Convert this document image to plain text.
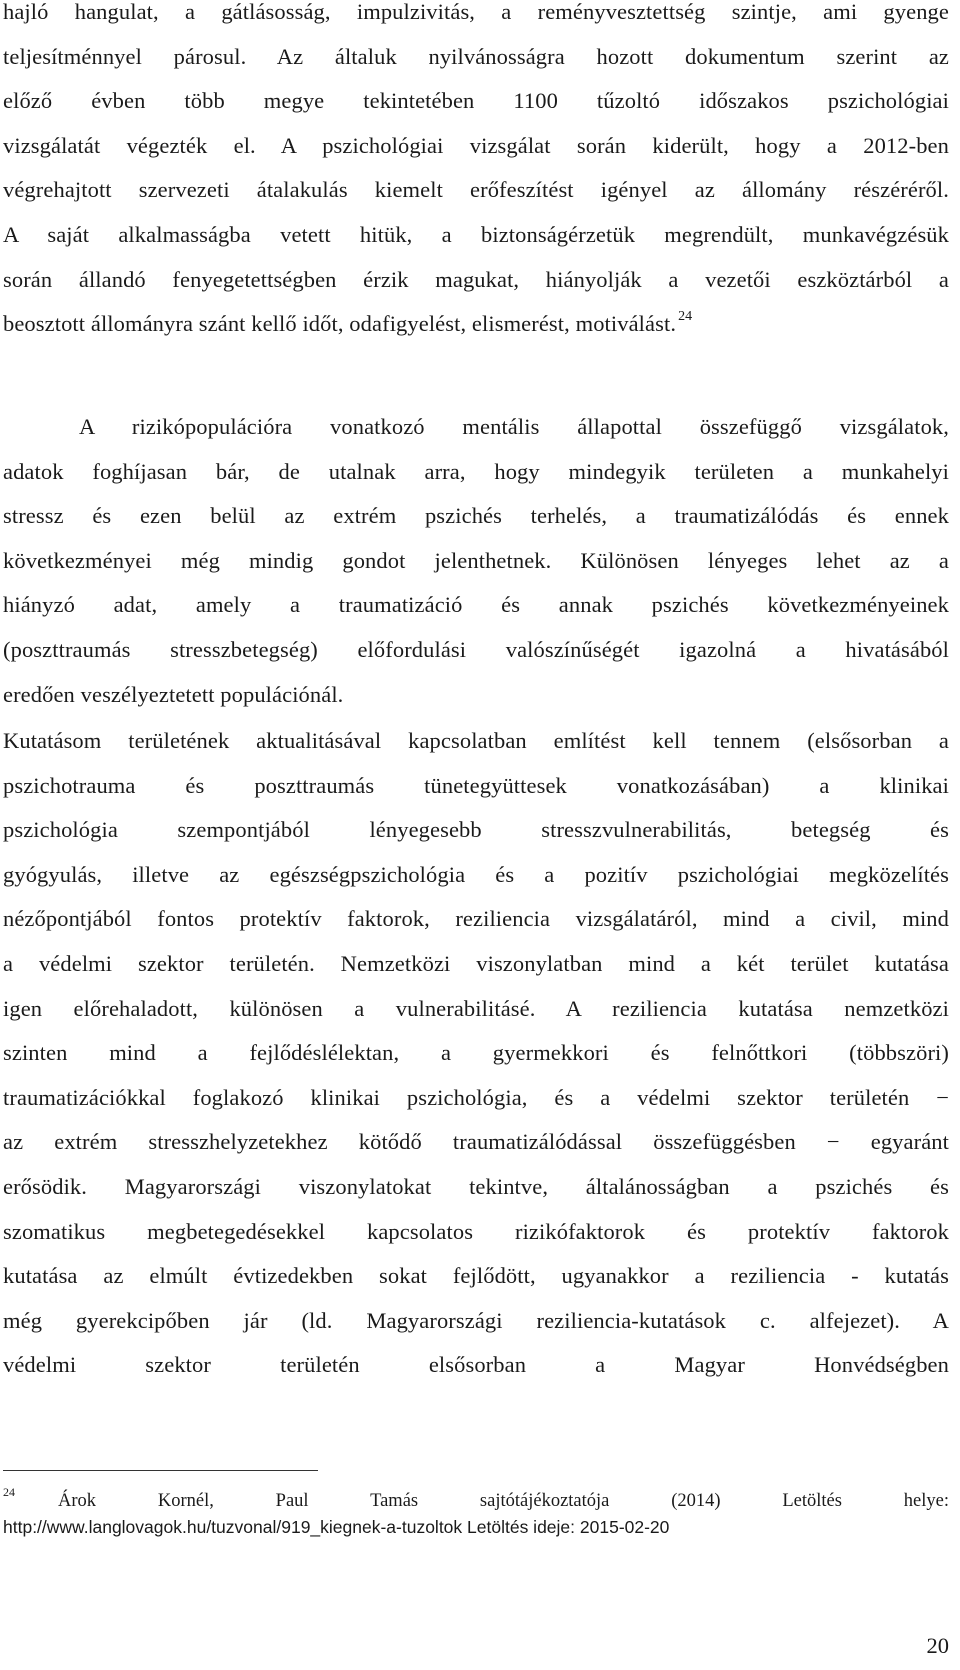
hajló hangulat, a gátlásosság, impulzivitás, a reményvesztettség szintje, ami gyenge
teljesítménnyel párosul. Az általuk nyilvánosságra hozott dokumentum szerint az
előző évben több megye tekintetében 1100 tűzoltó időszakos pszichológiai
vizsgálatát végezték el. A pszichológiai vizsgálat során kiderült, hogy a 2012-ben
végrehajtott szervezeti átalakulás kiemelt erőfeszítést igényel az állomány részéréről.
A saját alkalmasságba vetett hitük, a biztonságérzetük megrendült, munkavégzésük
során állandó fenyegetettségben érzik magukat, hiányolják a vezetői eszköztárból a
beosztott állományra szánt kellő időt, odafigyelést, elismerést, motiválást. $^{24}$
A rizikópopulációra vonatkozó mentális állapottal összefüggő vizsgálatok,
adatok foghíjasan bár, de utalnak arra, hogy mindegyik területen a munkahelyi
stressz és ezen belül az extrém pszichés terhelés, a traumatizálódás és ennek
következményei még mindig gondot jelenthetnek. Különösen lényeges lehet az a
hiányzó adat, amely a traumatizáció és annak pszichés következményeinek
(poszttraumás stresszbetegség) előfordulási valószínűségét igazolná a hivatásából
eredően veszélyeztetett populációnál.
Kutatásom területének aktualitásával kapcsolatban említést kell tennem (elsősorban a
pszichotrauma és poszttraumás tünetegyüttesek vonatkozásában) a klinikai
pszichológia szempontjából lényegesebb stresszvulnerabilitás, betegség és
gyógyulás, illetve az egészségpszichológia és a pozitív pszichológiai megközelítés
nézőpontjából fontos protektív faktorok, reziliencia vizsgálatáról, mind a civil, mind
a védelmi szektor területén. Nemzetközi viszonylatban mind a két terület kutatása
igen előrehaladott, különösen a vulnerabilitásé. A reziliencia kutatása nemzetközi
szinten mind a fejlődéslélektan, a gyermekkori és felnőttkori (többszöri)
traumatizációkkal foglakozó klinikai pszichológia, és a védelmi szektor területén −
az extrém stresszhelyzetekhez kötődő traumatizálódással összefüggésben − egyaránt
erősödik. Magyarországi viszonylatokat tekintve, általánosságban a pszichés és
szomatikus megbetegedésekkel kapcsolatos rizikófaktorok és protektív faktorok
kutatása az elmúlt évtizedekben sokat fejlődött, ugyanakkor a reziliencia - kutatás
még gyerekcipőben jár (ld. Magyarországi reziliencia-kutatások c. alfejezet). A
védelmi szektor területén elsősorban a Magyar Honvédségben
24	Árok Kornél, Paul Tamás sajtótájékoztatója (2014) Letöltés helye:
http://www.langlovagok.hu/tuzvonal/919_kiegnek-a-tuzoltok Letöltés ideje: 2015-02-20
20
